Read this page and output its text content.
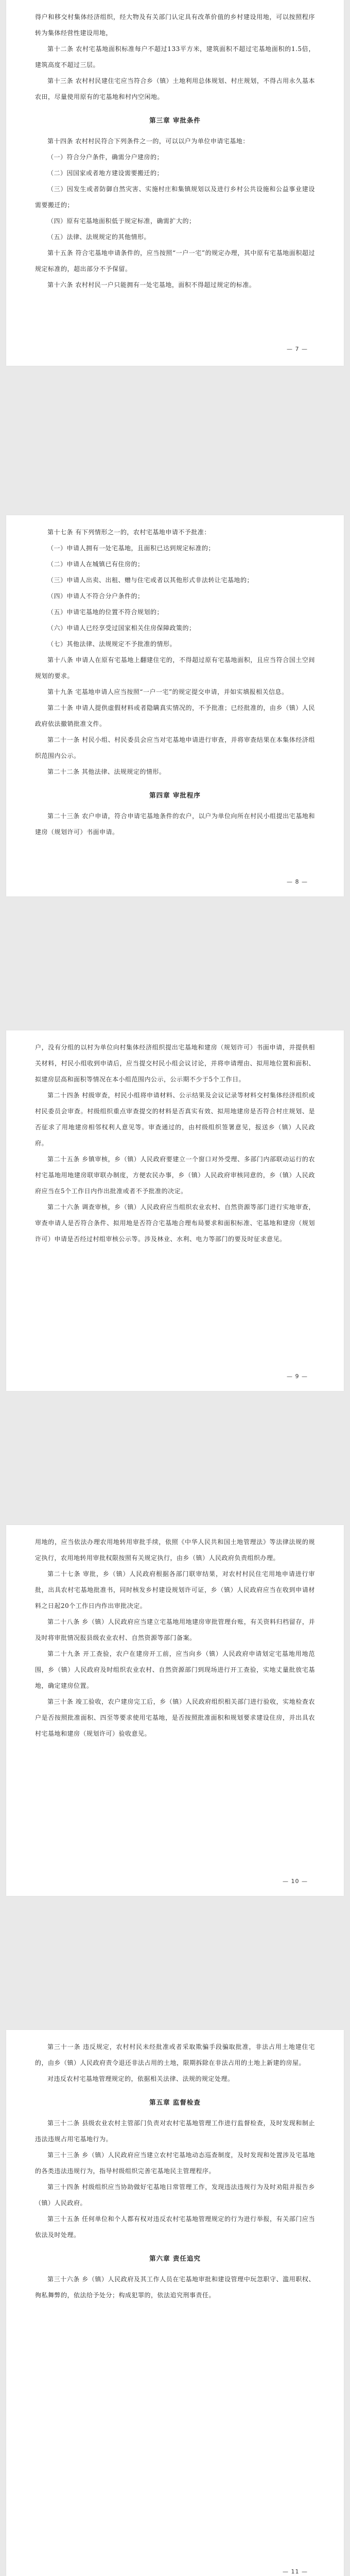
得户和移交村集体经济组织，经大物及有关部门认定具有改革价值的乡村建设用地，可以按照程序转为集体经营性建设用地，

第十二条 农村宅基地面积标准每户不超过133平方米，建筑面积不超过宅基地面积的1.5倍，建筑高度不超过三层。

第十三条 农村村民建住宅应当符合乡（镇）土地利用总体规划、村庄规划，不得占用永久基本农田，尽量使用原有的宅基地和村内空闲地。

第三章 审批条件

第十四条 农村村民符合下列条件之一的，可以以户为单位申请宅基地：

（一）符合分户条件，确需分户建房的；

（二）因国家或者地方建设需要搬迁的；

（三）因发生或者防御自然灾害、实施村庄和集镇规划以及进行乡村公共设施和公益事业建设需要搬迁的；

（四）原有宅基地面积低于规定标准，确需扩大的；

（五）法律、法规规定的其他情形。

第十五条 符合宅基地申请条件的，应当按照“一户一宅”的规定办理，其中原有宅基地面积超过规定标准的，超出部分不予保留。

第十六条 农村村民一户只能拥有一处宅基地，面积不得超过规定的标准。

— 7 —

第十七条 有下列情形之一的，农村宅基地申请不予批准：

（一）申请人拥有一处宅基地，且面积已达到规定标准的；

（二）申请人在城镇已有住房的；

（三）申请人出卖、出租、赠与住宅或者以其他形式非法转让宅基地的；

（四）申请人不符合分户条件的；

（五）申请宅基地的位置不符合规划的；

（六）申请人已经享受过国家相关住房保障政策的；

（七）其他法律、法规规定不予批准的情形。

第十八条 申请人在原有宅基地上翻建住宅的，不得超过原有宅基地面积，且应当符合国土空间规划的要求。

第十九条 宅基地申请人应当按照“一户一宅”的规定提交申请，并如实填报相关信息。

第二十条 申请人提供虚假材料或者隐瞒真实情况的，不予批准；已经批准的，由乡（镇）人民政府依法撤销批准文件。

第二十一条 村民小组、村民委员会应当对宅基地申请进行审查，并将审查结果在本集体经济组织范围内公示。

第二十二条 其他法律、法规规定的情形。

第四章 审批程序

第二十三条 农户申请，符合申请宅基地条件的农户，以户为单位向所在村民小组提出宅基地和建房（规划许可）书面申请。

— 8 —

户，没有分组的以村为单位向村集体经济组织提出宅基地和建房（规划许可）书面申请，并提供相关材料，村民小组收到申请后，应当提交村民小组会议讨论，并将申请理由、拟用地位置和面积、拟建房层高和面积等情况在本小组范围内公示，公示期不少于5个工作日。

第二十四条 村级审查，村民小组将申请材料、公示结果及会议记录等材料交村集体经济组织或村民委员会审查。村级组织重点审查提交的材料是否真实有效、拟用地建房是否符合村庄规划、是否征求了用地建房相邻权利人意见等。审查通过的，由村级组织签署意见，报送乡（镇）人民政府。

第二十五条 乡镇审核，乡（镇）人民政府要建立一个窗口对外受理、多部门内部联动运行的农村宅基地用地建房联审联办制度，方便农民办事，乡（镇）人民政府审核同意的，乡（镇）人民政府应当在5个工作日内作出批准或者不予批准的决定。

第二十六条 调查审核，乡（镇）人民政府应当组织农业农村、自然资源等部门进行实地审查，审查申请人是否符合条件、拟用地是否符合宅基地合理布局要求和面积标准、宅基地和建房（规划许可）申请是否经过村组审核公示等。涉及林业、水利、电力等部门的要及时征求意见。

— 9 —

用地的，应当依法办理农用地转用审批手续，依照《中华人民共和国土地管理法》等法律法规的规定执行，农用地转用审批权限按照有关规定执行，由乡（镇）人民政府负责组织办理。

第二十七条 审批，乡（镇）人民政府根据各部门联审结果，对农村村民住宅用地申请进行审批，出具农村宅基地批准书，同时核发乡村建设规划许可证，乡（镇）人民政府应当在收到申请材料之日起20个工作日内作出审批决定。

第二十八条 乡（镇）人民政府应当建立宅基地用地建房审批管理台账，有关资料归档留存，并及时将审批情况报县级农业农村、自然资源等部门备案。

第二十九条 开工查验，农户在建房开工前，应当向乡（镇）人民政府申请划定宅基地用地范围，乡（镇）人民政府及时组织农业农村、自然资源部门到现场进行开工查验，实地丈量批放宅基地，确定建房位置。

第三十条 竣工验收，农户建房完工后，乡（镇）人民政府组织相关部门进行验收，实地检查农户是否按照批准面积、四至等要求使用宅基地，是否按照批准面积和规划要求建设住房，并出具农村宅基地和建房（规划许可）验收意见。

— 10 —

第三十一条 违反规定，农村村民未经批准或者采取欺骗手段骗取批准，非法占用土地建住宅的，由乡（镇）人民政府责令退还非法占用的土地，限期拆除在非法占用的土地上新建的房屋。

对违反农村宅基地管理规定的，依据相关法律、法规的规定处理。

第五章 监督检查

第三十二条 县级农业农村主管部门负责对农村宅基地管理工作进行监督检查，及时发现和制止违法违规占用宅基地行为。

第三十三条 乡（镇）人民政府应当建立农村宅基地动态巡查制度，及时发现和处置涉及宅基地的各类违法违规行为，指导村级组织完善宅基地民主管理程序。

第三十四条 村级组织应当协助做好宅基地日常管理工作，发现违法违规行为及时劝阻并报告乡（镇）人民政府。

第三十五条 任何单位和个人都有权对违反农村宅基地管理规定的行为进行举报，有关部门应当依法及时处理。

第六章 责任追究

第三十六条 乡（镇）人民政府及其工作人员在宅基地审批和建设管理中玩忽职守、滥用职权、徇私舞弊的，依法给予处分；构成犯罪的，依法追究刑事责任。

— 11 —
